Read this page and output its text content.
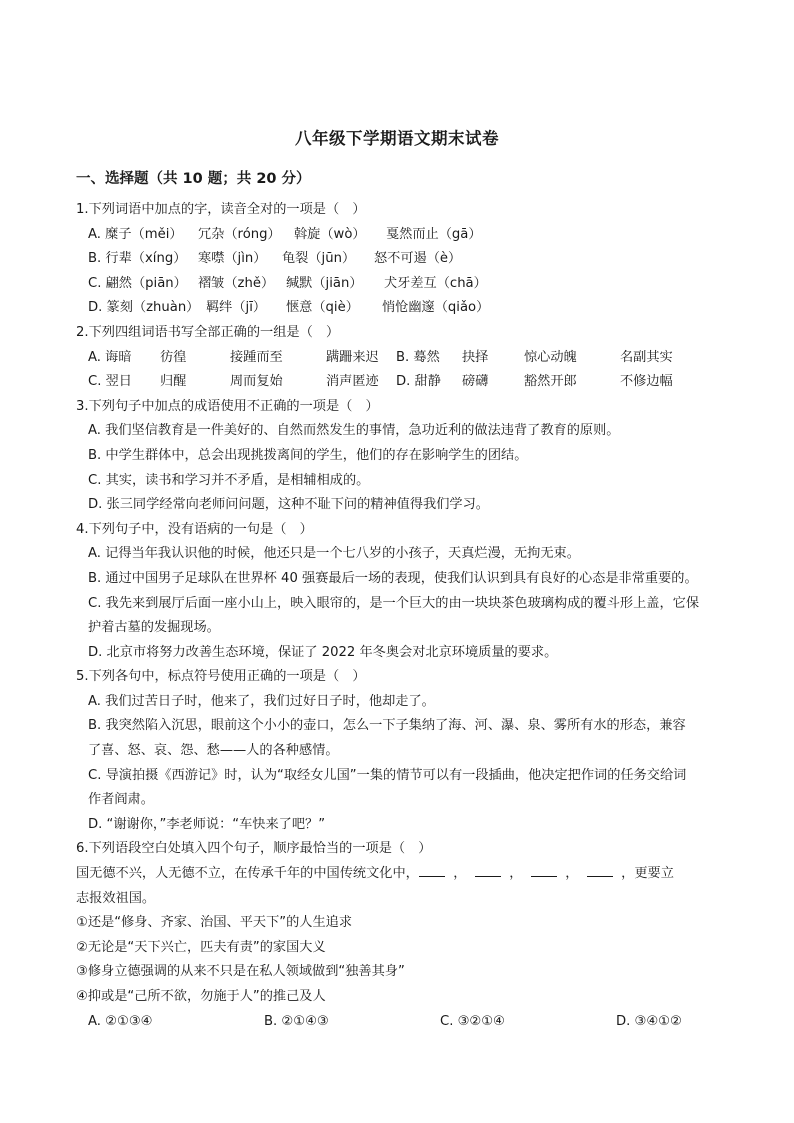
八年级下学期语文期末试卷
一、选择题（共 10 题；共 20 分）
1.下列词语中加点的字，读音全对的一项是（　）
A. 糜子（měi） 冗杂（róng） 斡旋（wò） 戛然而止（gā）
B. 行辈（xíng） 寒噤（jìn） 龟裂（jūn） 怒不可遏（è）
C. 翩然（piān） 褶皱（zhě） 缄默（jiān） 犬牙差互（chā）
D. 篆刻（zhuàn） 羁绊（jī） 惬意（qiè） 悄怆幽邃（qiǎo）
2.下列四组词语书写全部正确的一组是（　）
A. 诲暗 彷徨	接踵而至	蹒跚来迟 B. 蓦然 抉择	惊心动魄	名副其实
C. 翌日 归醒	周而复始	消声匿迹 D. 甜静 磅礴	豁然开郎	不修边幅
3.下列句子中加点的成语使用不正确的一项是（　）
A. 我们坚信教育是一件美好的、自然而然发生的事情，急功近利的做法违背了教育的原则。
B. 中学生群体中，总会出现挑拨离间的学生，他们的存在影响学生的团结。
C. 其实，读书和学习并不矛盾，是相辅相成的。
D. 张三同学经常向老师问问题，这种不耻下问的精神值得我们学习。
4.下列句子中，没有语病的一句是（　）
A. 记得当年我认识他的时候，他还只是一个七八岁的小孩子，天真烂漫，无拘无束。
B. 通过中国男子足球队在世界杯 40 强赛最后一场的表现，使我们认识到具有良好的心态是非常重要的。
C. 我先来到展厅后面一座小山上，映入眼帘的，是一个巨大的由一块块茶色玻璃构成的覆斗形上盖，它保
护着古墓的发掘现场。
D. 北京市将努力改善生态环境，保证了 2022 年冬奥会对北京环境质量的要求。
5.下列各句中，标点符号使用正确的一项是（　）
A. 我们过苦日子时，他来了，我们过好日子时，他却走了。
B. 我突然陷入沉思，眼前这个小小的壶口，怎么一下子集纳了海、河、瀑、泉、雾所有水的形态，兼容
了喜、怒、哀、怨、愁——人的各种感情。
C. 导演拍摄《西游记》时，认为“取经女儿国”一集的情节可以有一段插曲，他决定把作词的任务交给词
作者阎肃。
D. “谢谢你，”李老师说：“车快来了吧？”
6.下列语段空白处填入四个句子，顺序最恰当的一项是（　）
国无德不兴，人无德不立，在传承千年的中国传统文化中，	，	，	，	，更要立
志报效祖国。
①还是“修身、齐家、治国、平天下”的人生追求
②无论是“天下兴亡，匹夫有责”的家国大义
③修身立德强调的从来不只是在私人领域做到“独善其身”
④抑或是“己所不欲，勿施于人”的推己及人
A. ②①③④	B. ②①④③	C. ③②①④	D. ③④①②
